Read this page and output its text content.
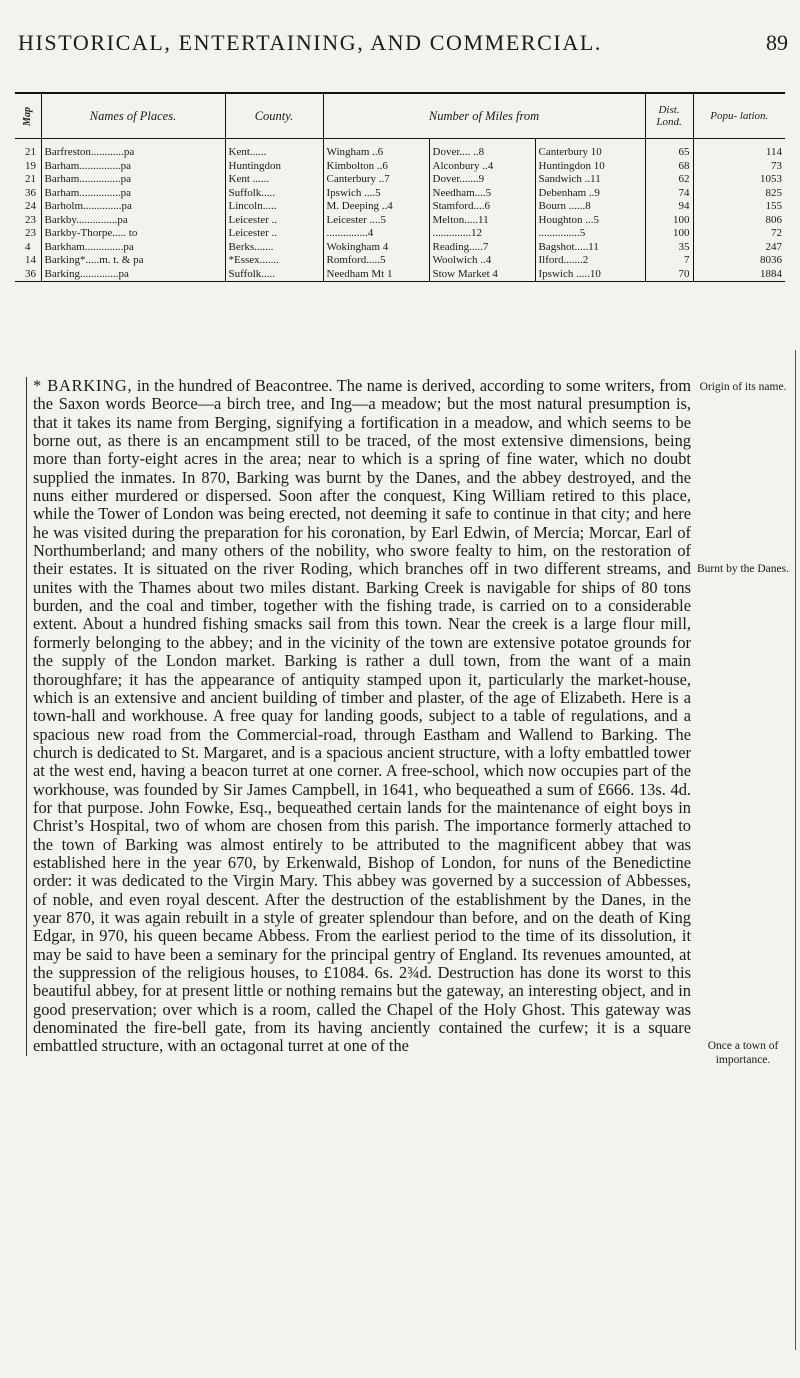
HISTORICAL, ENTERTAINING, AND COMMERCIAL.	89
Map	Names of Places.	County.	Number of Miles from			Dist. Lond.	Popu- lation.
21	Barfreston............pa	Kent......	Wingham ..6	Dover.... ..8	Canterbury 10	65	114
19	Barham...............pa	Huntingdon	Kimbolton ..6	Alconbury ..4	Huntingdon 10	68	73
21	Barham...............pa	Kent ......	Canterbury ..7	Dover.......9	Sandwich ..11	62	1053
36	Barham...............pa	Suffolk.....	Ipswich ....5	Needham....5	Debenham ..9	74	825
24	Barholm..............pa	Lincoln.....	M. Deeping ..4	Stamford....6	Bourn ......8	94	155
23	Barkby...............pa	Leicester ..	Leicester ....5	Melton.....11	Houghton ...5	100	806
23	Barkby-Thorpe..... to	Leicester ..	...............4	..............12	...............5	100	72
4	Barkham..............pa	Berks.......	Wokingham 4	Reading.....7	Bagshot.....11	35	247
14	Barking*.....m. t. & pa	*Essex.......	Romford.....5	Woolwich ..4	Ilford.......2	7	8036
36	Barking..............pa	Suffolk.....	Needham Mt 1	Stow Market 4	Ipswich .....10	70	1884
Origin of its name.
Burnt by the Danes.
Once a town of importance.

* BARKING, in the hundred of Beacontree. The name is derived, according to some writers, from the Saxon words Beorce—a birch tree, and Ing—a meadow; but the most natural presumption is, that it takes its name from Berging, signifying a fortification in a meadow, and which seems to be borne out, as there is an encampment still to be traced, of the most extensive dimensions, being more than forty-eight acres in the area; near to which is a spring of fine water, which no doubt supplied the inmates. In 870, Barking was burnt by the Danes, and the abbey destroyed, and the nuns either murdered or dispersed. Soon after the conquest, King William retired to this place, while the Tower of London was being erected, not deeming it safe to continue in that city; and here he was visited during the preparation for his coronation, by Earl Edwin, of Mercia; Morcar, Earl of Northumberland; and many others of the nobility, who swore fealty to him, on the restoration of their estates. It is situated on the river Roding, which branches off in two different streams, and unites with the Thames about two miles distant. Barking Creek is navigable for ships of 80 tons burden, and the coal and timber, together with the fishing trade, is carried on to a considerable extent. About a hundred fishing smacks sail from this town. Near the creek is a large flour mill, formerly belonging to the abbey; and in the vicinity of the town are extensive potatoe grounds for the supply of the London market. Barking is rather a dull town, from the want of a main thoroughfare; it has the appearance of antiquity stamped upon it, particularly the market-house, which is an extensive and ancient building of timber and plaster, of the age of Elizabeth. Here is a town-hall and workhouse. A free quay for landing goods, subject to a table of regulations, and a spacious new road from the Commercial-road, through Eastham and Wallend to Barking. The church is dedicated to St. Margaret, and is a spacious ancient structure, with a lofty embattled tower at the west end, having a beacon turret at one corner. A free-school, which now occupies part of the workhouse, was founded by Sir James Campbell, in 1641, who bequeathed a sum of £666. 13s. 4d. for that purpose. John Fowke, Esq., bequeathed certain lands for the maintenance of eight boys in Christ’s Hospital, two of whom are chosen from this parish. The importance formerly attached to the town of Barking was almost entirely to be attributed to the magnificent abbey that was established here in the year 670, by Erkenwald, Bishop of London, for nuns of the Benedictine order: it was dedicated to the Virgin Mary. This abbey was governed by a succession of Abbesses, of noble, and even royal descent. After the destruction of the establishment by the Danes, in the year 870, it was again rebuilt in a style of greater splendour than before, and on the death of King Edgar, in 970, his queen became Abbess. From the earliest period to the time of its dissolution, it may be said to have been a seminary for the principal gentry of England. Its revenues amounted, at the suppression of the religious houses, to £1084. 6s. 2¾d. Destruction has done its worst to this beautiful abbey, for at present little or nothing remains but the gateway, an interesting object, and in good preservation; over which is a room, called the Chapel of the Holy Ghost. This gateway was denominated the fire-bell gate, from its having anciently contained the curfew; it is a square embattled structure, with an octagonal turret at one of the
